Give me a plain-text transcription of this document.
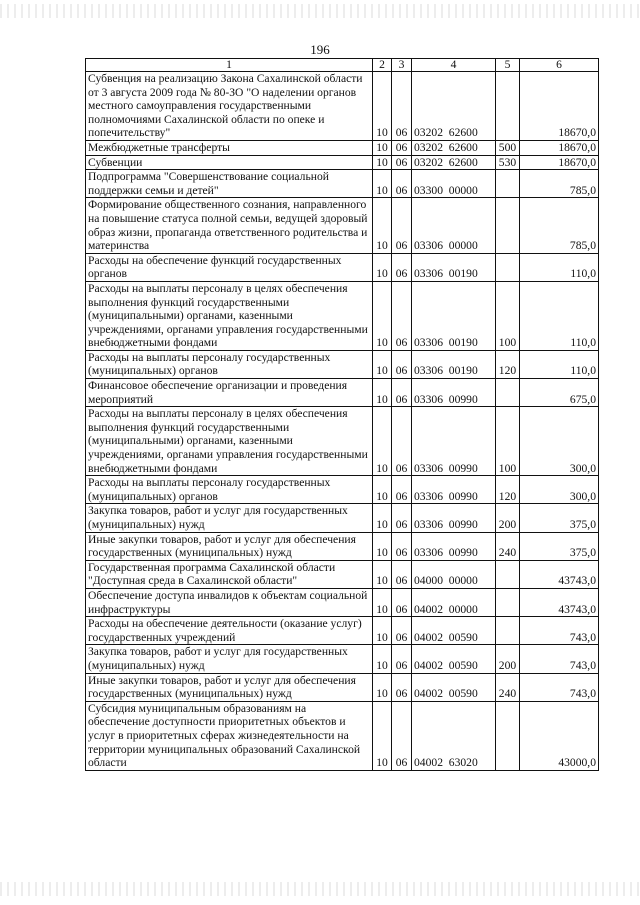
196
1	2	3	4	5	6
Субвенция на реализацию Закона Сахалинской области от 3 августа 2009 года № 80-ЗО "О наделении органов местного самоуправления государственными полномочиями Сахалинской области по опеке и попечительству"	10	06	03202  62600		18670,0
Межбюджетные трансферты	10	06	03202  62600	500	18670,0
Субвенции	10	06	03202  62600	530	18670,0
Подпрограмма "Совершенствование социальной поддержки семьи и детей"	10	06	03300  00000		785,0
Формирование общественного сознания, направленного на повышение статуса полной семьи, ведущей здоровый образ жизни, пропаганда ответственного родительства и материнства	10	06	03306  00000		785,0
Расходы на обеспечение функций государственных органов	10	06	03306  00190		110,0
Расходы на выплаты персоналу в целях обеспечения выполнения функций государственными (муниципальными) органами, казенными учреждениями, органами управления государственными внебюджетными фондами	10	06	03306  00190	100	110,0
Расходы на выплаты персоналу государственных (муниципальных) органов	10	06	03306  00190	120	110,0
Финансовое обеспечение организации и проведения мероприятий	10	06	03306  00990		675,0
Расходы на выплаты персоналу в целях обеспечения выполнения функций государственными (муниципальными) органами, казенными учреждениями, органами управления государственными внебюджетными фондами	10	06	03306  00990	100	300,0
Расходы на выплаты персоналу государственных (муниципальных) органов	10	06	03306  00990	120	300,0
Закупка товаров, работ и услуг для государственных (муниципальных) нужд	10	06	03306  00990	200	375,0
Иные закупки товаров, работ и услуг для обеспечения государственных (муниципальных) нужд	10	06	03306  00990	240	375,0
Государственная программа Сахалинской области "Доступная среда в Сахалинской области"	10	06	04000  00000		43743,0
Обеспечение доступа инвалидов к объектам социальной инфраструктуры	10	06	04002  00000		43743,0
Расходы на обеспечение деятельности (оказание услуг) государственных учреждений	10	06	04002  00590		743,0
Закупка товаров, работ и услуг для государственных (муниципальных) нужд	10	06	04002  00590	200	743,0
Иные закупки товаров, работ и услуг для обеспечения государственных (муниципальных) нужд	10	06	04002  00590	240	743,0
Субсидия муниципальным образованиям на обеспечение доступности приоритетных объектов и услуг в приоритетных сферах жизнедеятельности на территории муниципальных образований Сахалинской области	10	06	04002  63020		43000,0
